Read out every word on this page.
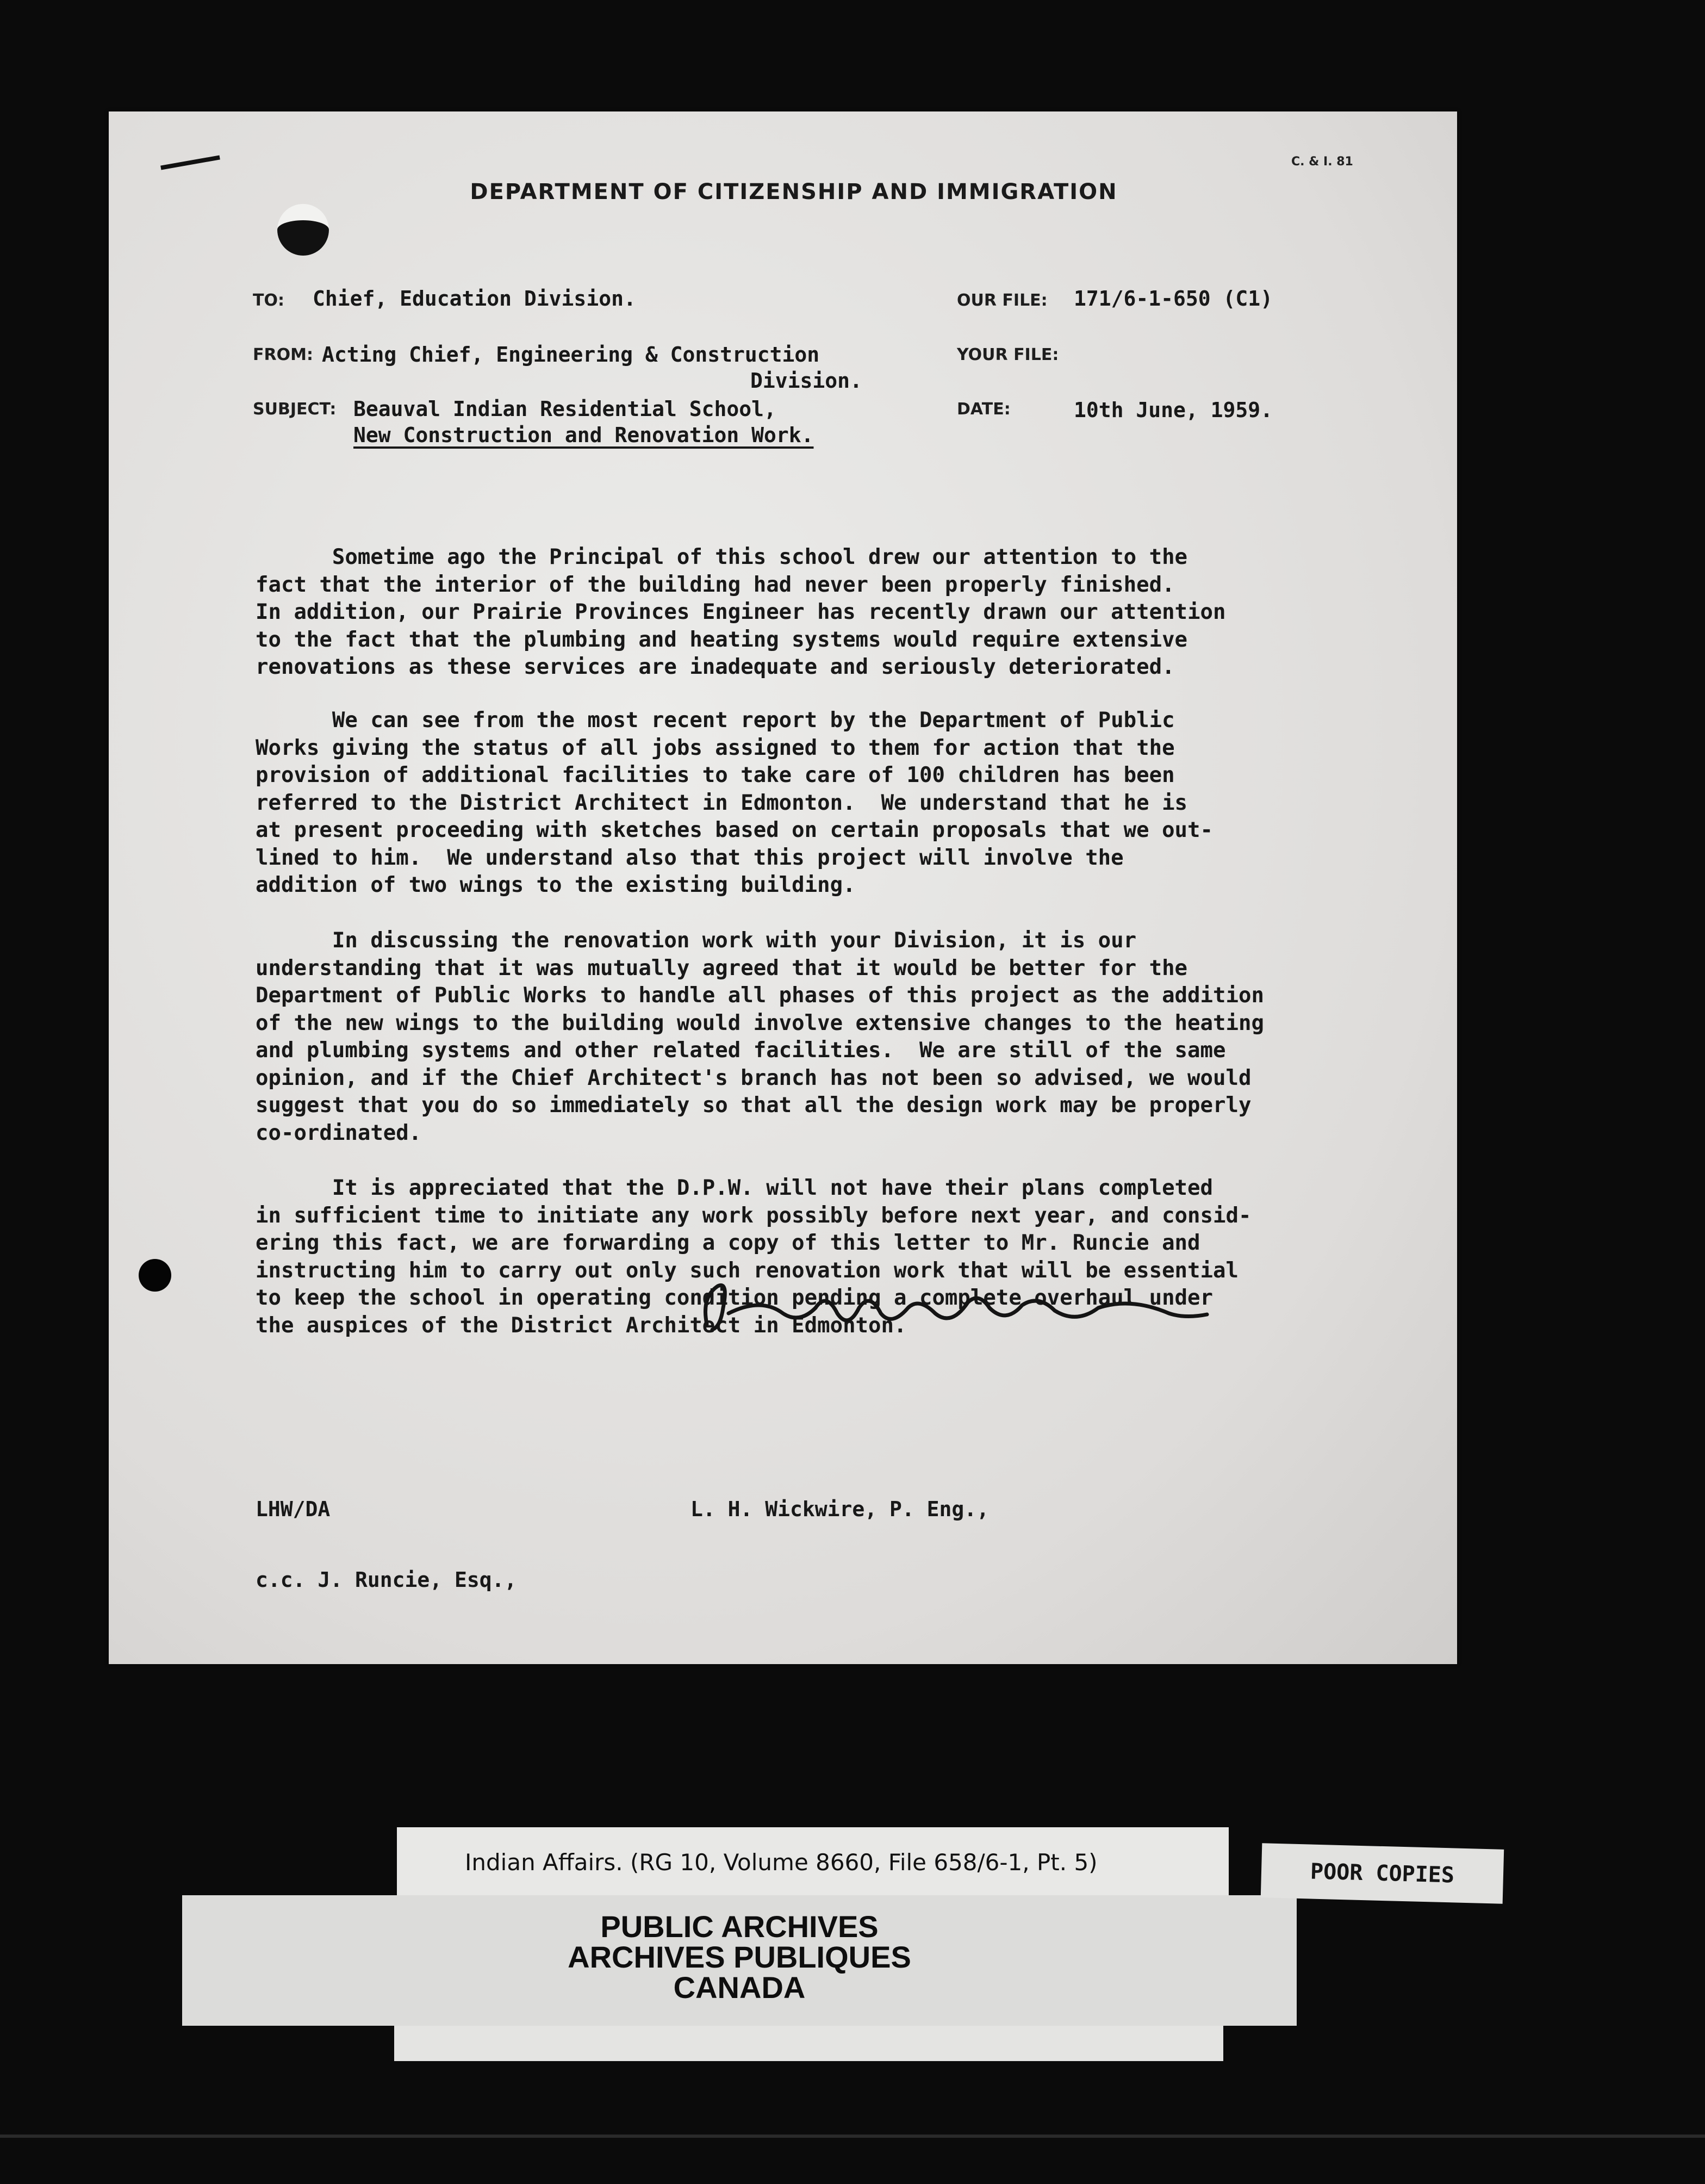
C. & I. 81
DEPARTMENT OF CITIZENSHIP AND IMMIGRATION
TO: Chief, Education Division.
FROM: Acting Chief, Engineering & Construction
Division.
SUBJECT: Beauval Indian Residential School,
New Construction and Renovation Work.
OUR FILE: 171/6-1-650 (C1)
YOUR FILE:
DATE:	10th June, 1959.
Sometime ago the Principal of this school drew our attention to the
fact that the interior of the building had never been properly finished.
In addition, our Prairie Provinces Engineer has recently drawn our attention
to the fact that the plumbing and heating systems would require extensive
renovations as these services are inadequate and seriously deteriorated.
We can see from the most recent report by the Department of Public
Works giving the status of all jobs assigned to them for action that the
provision of additional facilities to take care of 100 children has been
referred to the District Architect in Edmonton.  We understand that he is
at present proceeding with sketches based on certain proposals that we out-
lined to him.  We understand also that this project will involve the
addition of two wings to the existing building.
In discussing the renovation work with your Division, it is our
understanding that it was mutually agreed that it would be better for the
Department of Public Works to handle all phases of this project as the addition
of the new wings to the building would involve extensive changes to the heating
and plumbing systems and other related facilities.  We are still of the same
opinion, and if the Chief Architect's branch has not been so advised, we would
suggest that you do so immediately so that all the design work may be properly
co-ordinated.
It is appreciated that the D.P.W. will not have their plans completed
in sufficient time to initiate any work possibly before next year, and consid-
ering this fact, we are forwarding a copy of this letter to Mr. Runcie and
instructing him to carry out only such renovation work that will be essential
to keep the school in operating condition pending a complete overhaul under
the auspices of the District Architect in Edmonton.
LHW/DA	L. H. Wickwire, P. Eng.,
c.c. J. Runcie, Esq.,
Indian Affairs. (RG 10, Volume 8660, File 658/6-1, Pt. 5)
PUBLIC ARCHIVES
ARCHIVES PUBLIQUES
CANADA
POOR COPIES
